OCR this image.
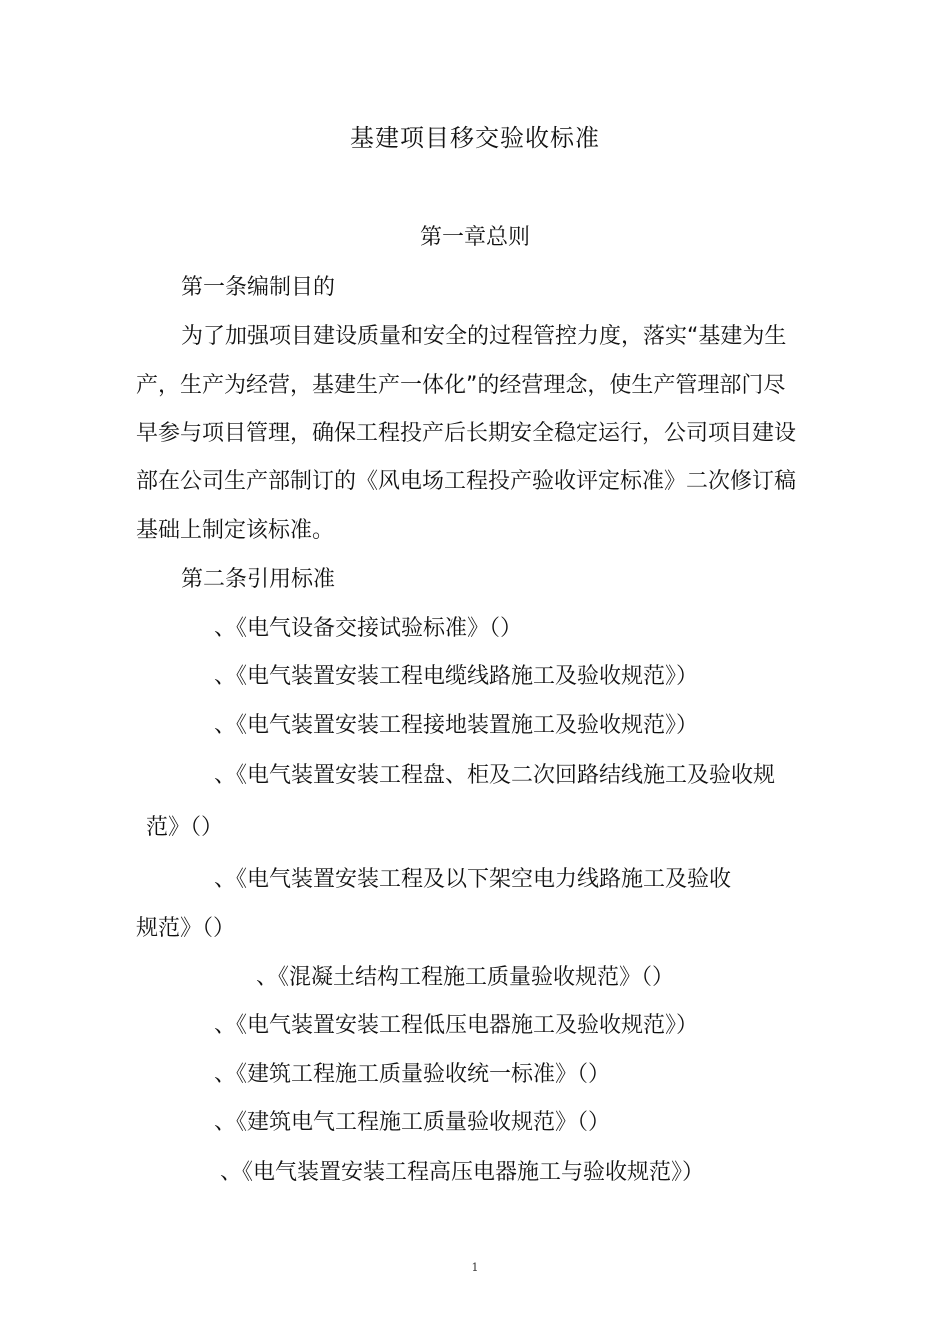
基建项目移交验收标准
第一章总则
第一条编制目的
为了加强项目建设质量和安全的过程管控力度，落实“基建为生
产，生产为经营，基建生产一体化”的经营理念，使生产管理部门尽
早参与项目管理，确保工程投产后长期安全稳定运行，公司项目建设
部在公司生产部制订的《风电场工程投产验收评定标准》二次修订稿
基础上制定该标准。
第二条引用标准
、《电气设备交接试验标准》（）
、《电气装置安装工程电缆线路施工及验收规范》）
、《电气装置安装工程接地装置施工及验收规范》）
、《电气装置安装工程盘、柜及二次回路结线施工及验收规
范》（）
、《电气装置安装工程及以下架空电力线路施工及验收
规范》（）
、《混凝土结构工程施工质量验收规范》（）
、《电气装置安装工程低压电器施工及验收规范》）
、《建筑工程施工质量验收统一标准》（）
、《建筑电气工程施工质量验收规范》（）
、《电气装置安装工程高压电器施工与验收规范》）
1
